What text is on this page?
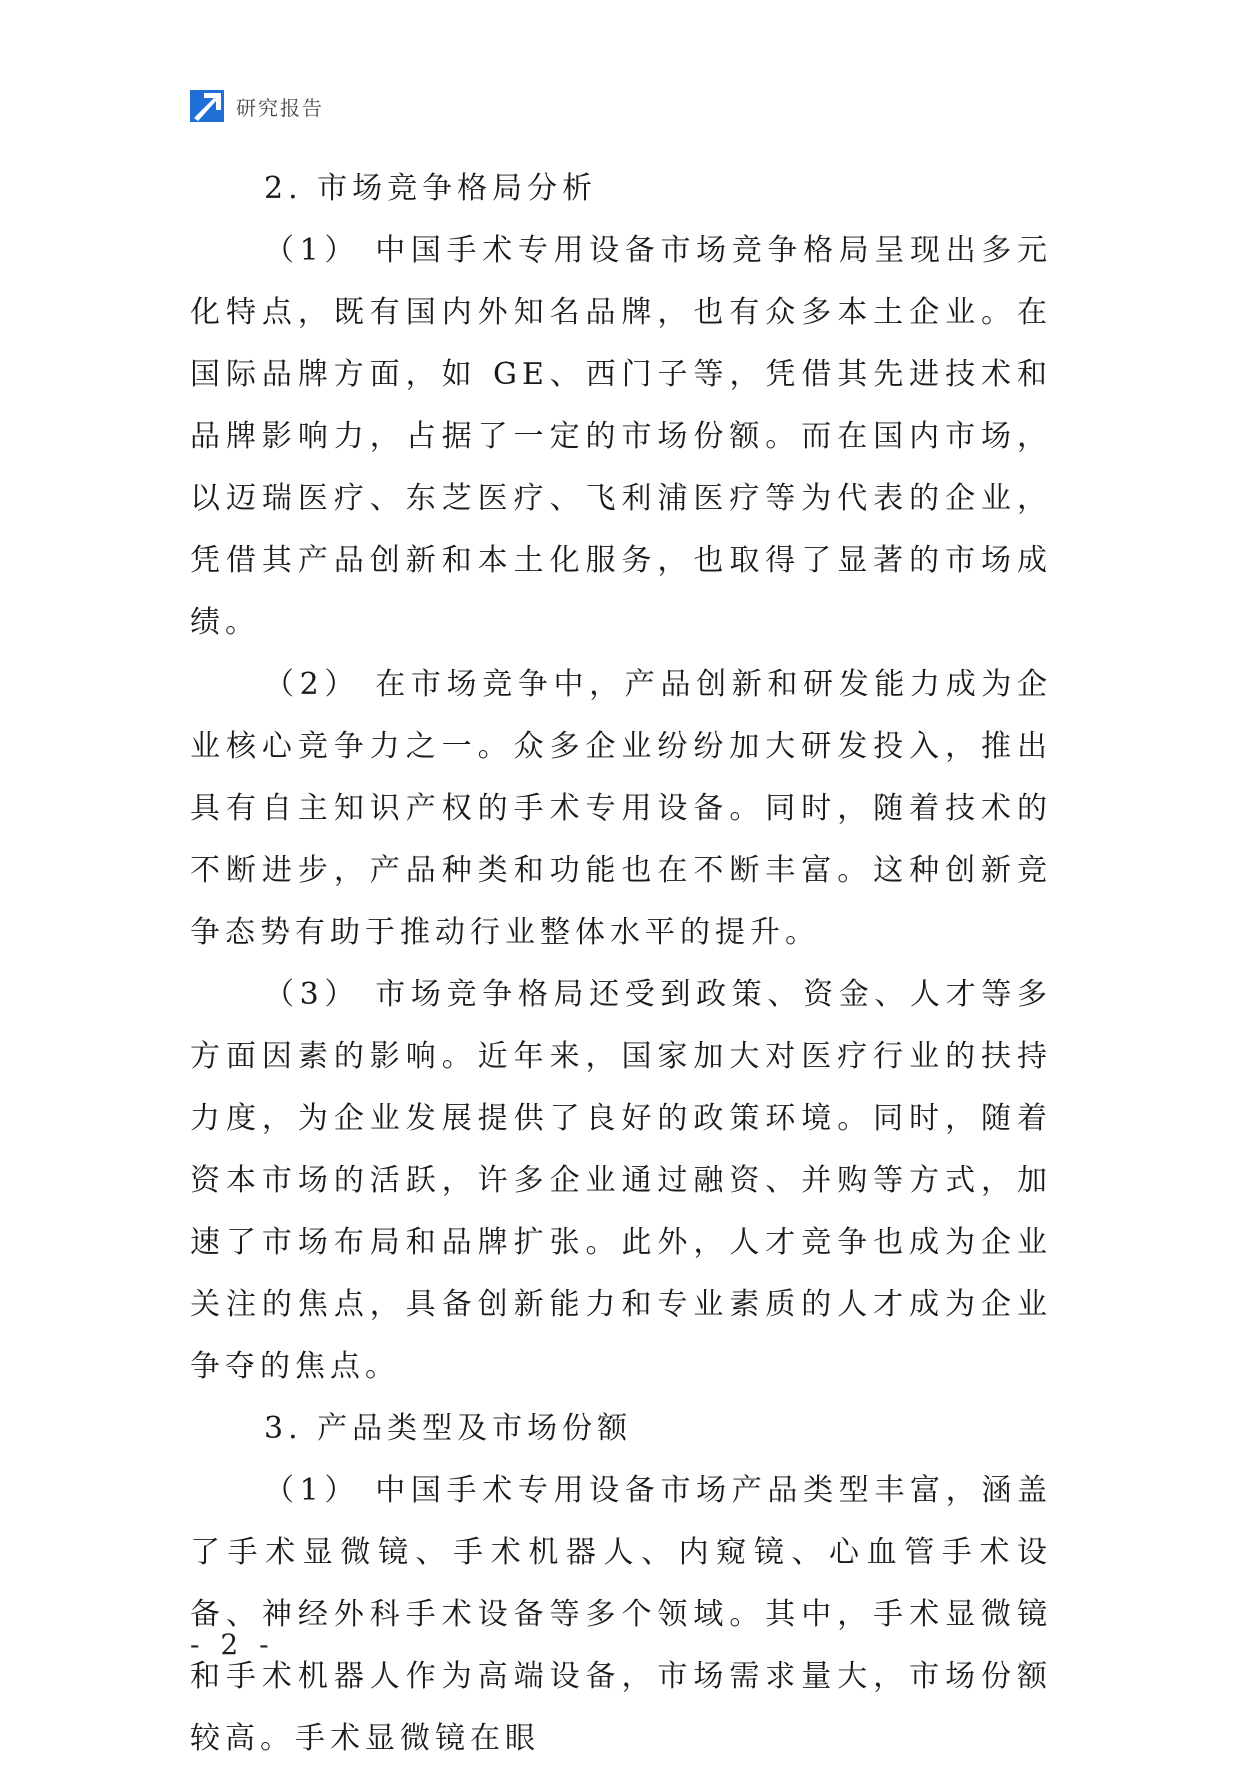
研究报告

2. 市场竞争格局分析

（1） 中国手术专用设备市场竞争格局呈现出多元化特点，既有国内外知名品牌，也有众多本土企业。在国际品牌方面，如 GE、西门子等，凭借其先进技术和品牌影响力，占据了一定的市场份额。而在国内市场，以迈瑞医疗、东芝医疗、飞利浦医疗等为代表的企业，凭借其产品创新和本土化服务，也取得了显著的市场成绩。

（2） 在市场竞争中，产品创新和研发能力成为企业核心竞争力之一。众多企业纷纷加大研发投入，推出具有自主知识产权的手术专用设备。同时，随着技术的不断进步，产品种类和功能也在不断丰富。这种创新竞争态势有助于推动行业整体水平的提升。

（3） 市场竞争格局还受到政策、资金、人才等多方面因素的影响。近年来，国家加大对医疗行业的扶持力度，为企业发展提供了良好的政策环境。同时，随着资本市场的活跃，许多企业通过融资、并购等方式，加速了市场布局和品牌扩张。此外，人才竞争也成为企业关注的焦点，具备创新能力和专业素质的人才成为企业争夺的焦点。

3. 产品类型及市场份额

（1） 中国手术专用设备市场产品类型丰富，涵盖了手术显微镜、手术机器人、内窥镜、心血管手术设备、神经外科手术设备等多个领域。其中，手术显微镜和手术机器人作为高端设备，市场需求量大，市场份额较高。手术显微镜在眼

- 2 -
